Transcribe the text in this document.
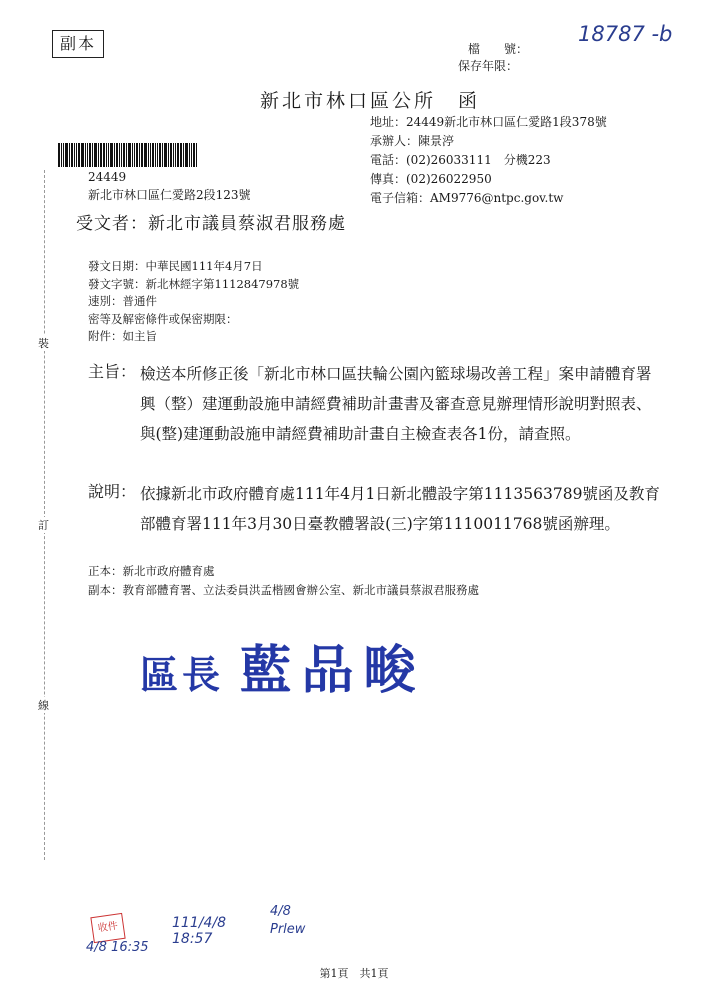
裝
訂
線
副本	檔　　號：
保存年限：
18787 -b
新北市林口區公所　函
地址：24449新北市林口區仁愛路1段378號
承辦人：陳景渟
電話：(02)26033111　分機223
傳真：(02)26022950
電子信箱：AM9776@ntpc.gov.tw
24449
新北市林口區仁愛路2段123號
受文者：新北市議員蔡淑君服務處
發文日期：中華民國111年4月7日
發文字號：新北林經字第1112847978號
速別：普通件
密等及解密條件或保密期限：
附件：如主旨
主旨： 檢送本所修正後「新北市林口區扶輪公園內籃球場改善工程」案申請體育署興（整）建運動設施申請經費補助計畫書及審查意見辦理情形說明對照表、與(整)建運動設施申請經費補助計畫自主檢查表各1份，請查照。
說明： 依據新北市政府體育處111年4月1日新北體設字第1113563789號函及教育部體育署111年3月30日臺教體署設(三)字第1110011768號函辦理。
正本：新北市政府體育處
副本：教育部體育署、立法委員洪孟楷國會辦公室、新北市議員蔡淑君服務處
區長 藍品畯
收件
4/8 16:35
111/4/8 18:57
4/8 Prlew
第1頁　共1頁
